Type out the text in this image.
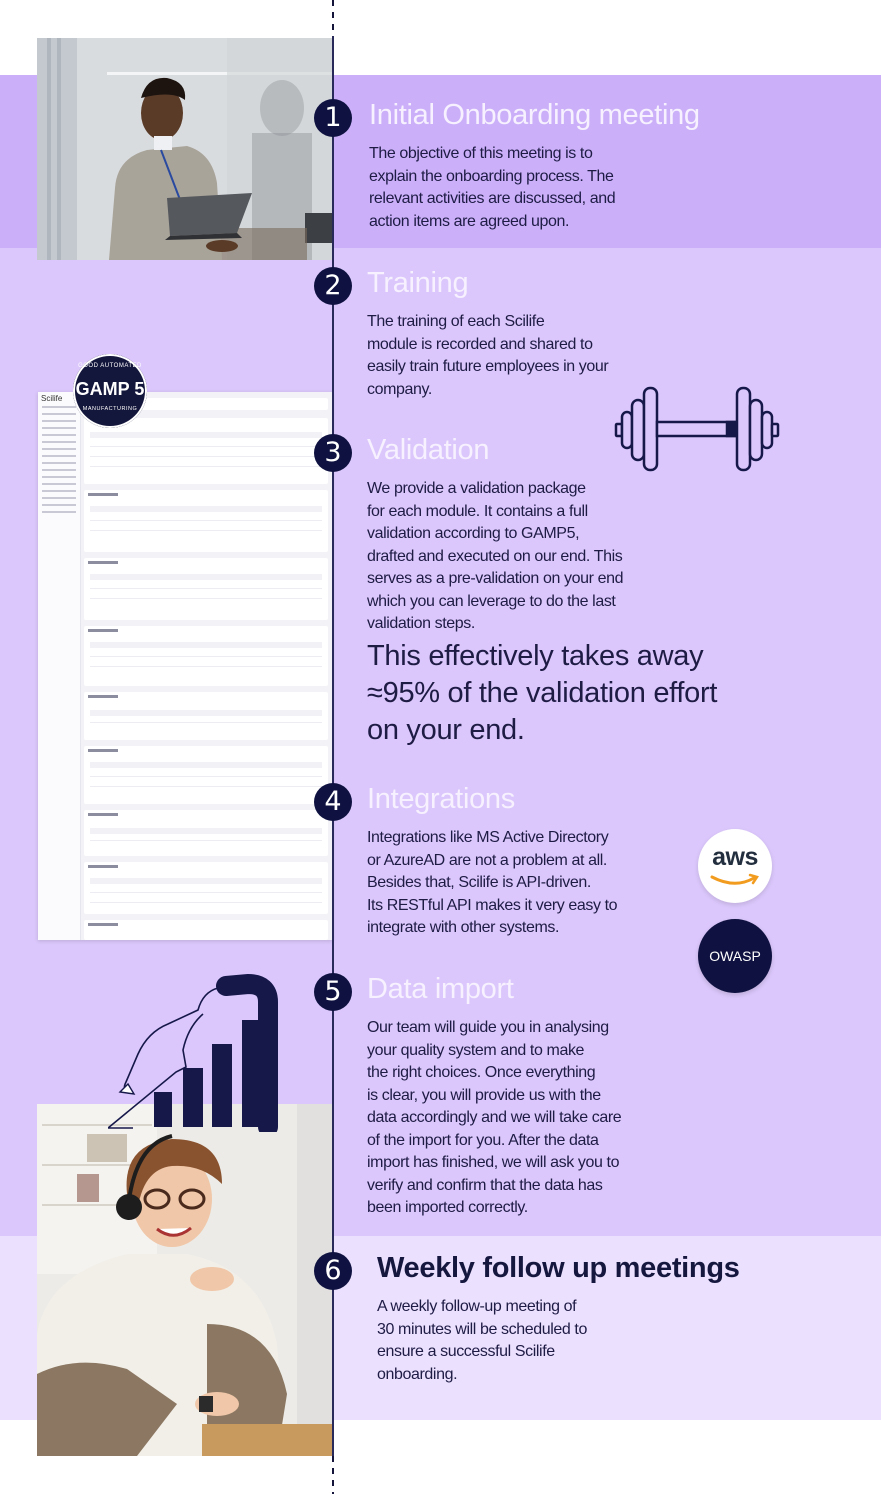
Scilife
GOOD AUTOMATED
GAMP 5
MANUFACTURING
aws
OWASP
1 Initial Onboarding meeting
The objective of this meeting is to
explain the onboarding process. The
relevant activities are discussed, and
action items are agreed upon.
2 Training
The training of each Scilife
module is recorded and shared to
easily train future employees in your
company.
3 Validation
We provide a validation package
for each module. It contains a full
validation according to GAMP5,
drafted and executed on our end. This
serves as a pre-validation on your end
which you can leverage to do the last
validation steps.
This effectively takes away
≈95% of the validation effort
on your end.
4 Integrations
Integrations like MS Active Directory
or AzureAD are not a problem at all.
Besides that, Scilife is API-driven.
Its RESTful API makes it very easy to
integrate with other systems.
5 Data import
Our team will guide you in analysing
your quality system and to make
the right choices. Once everything
is clear, you will provide us with the
data accordingly and we will take care
of the import for you. After the data
import has finished, we will ask you to
verify and confirm that the data has
been imported correctly.
6	Weekly follow up meetings
A weekly follow-up meeting of
30 minutes will be scheduled to
ensure a successful Scilife
onboarding.
